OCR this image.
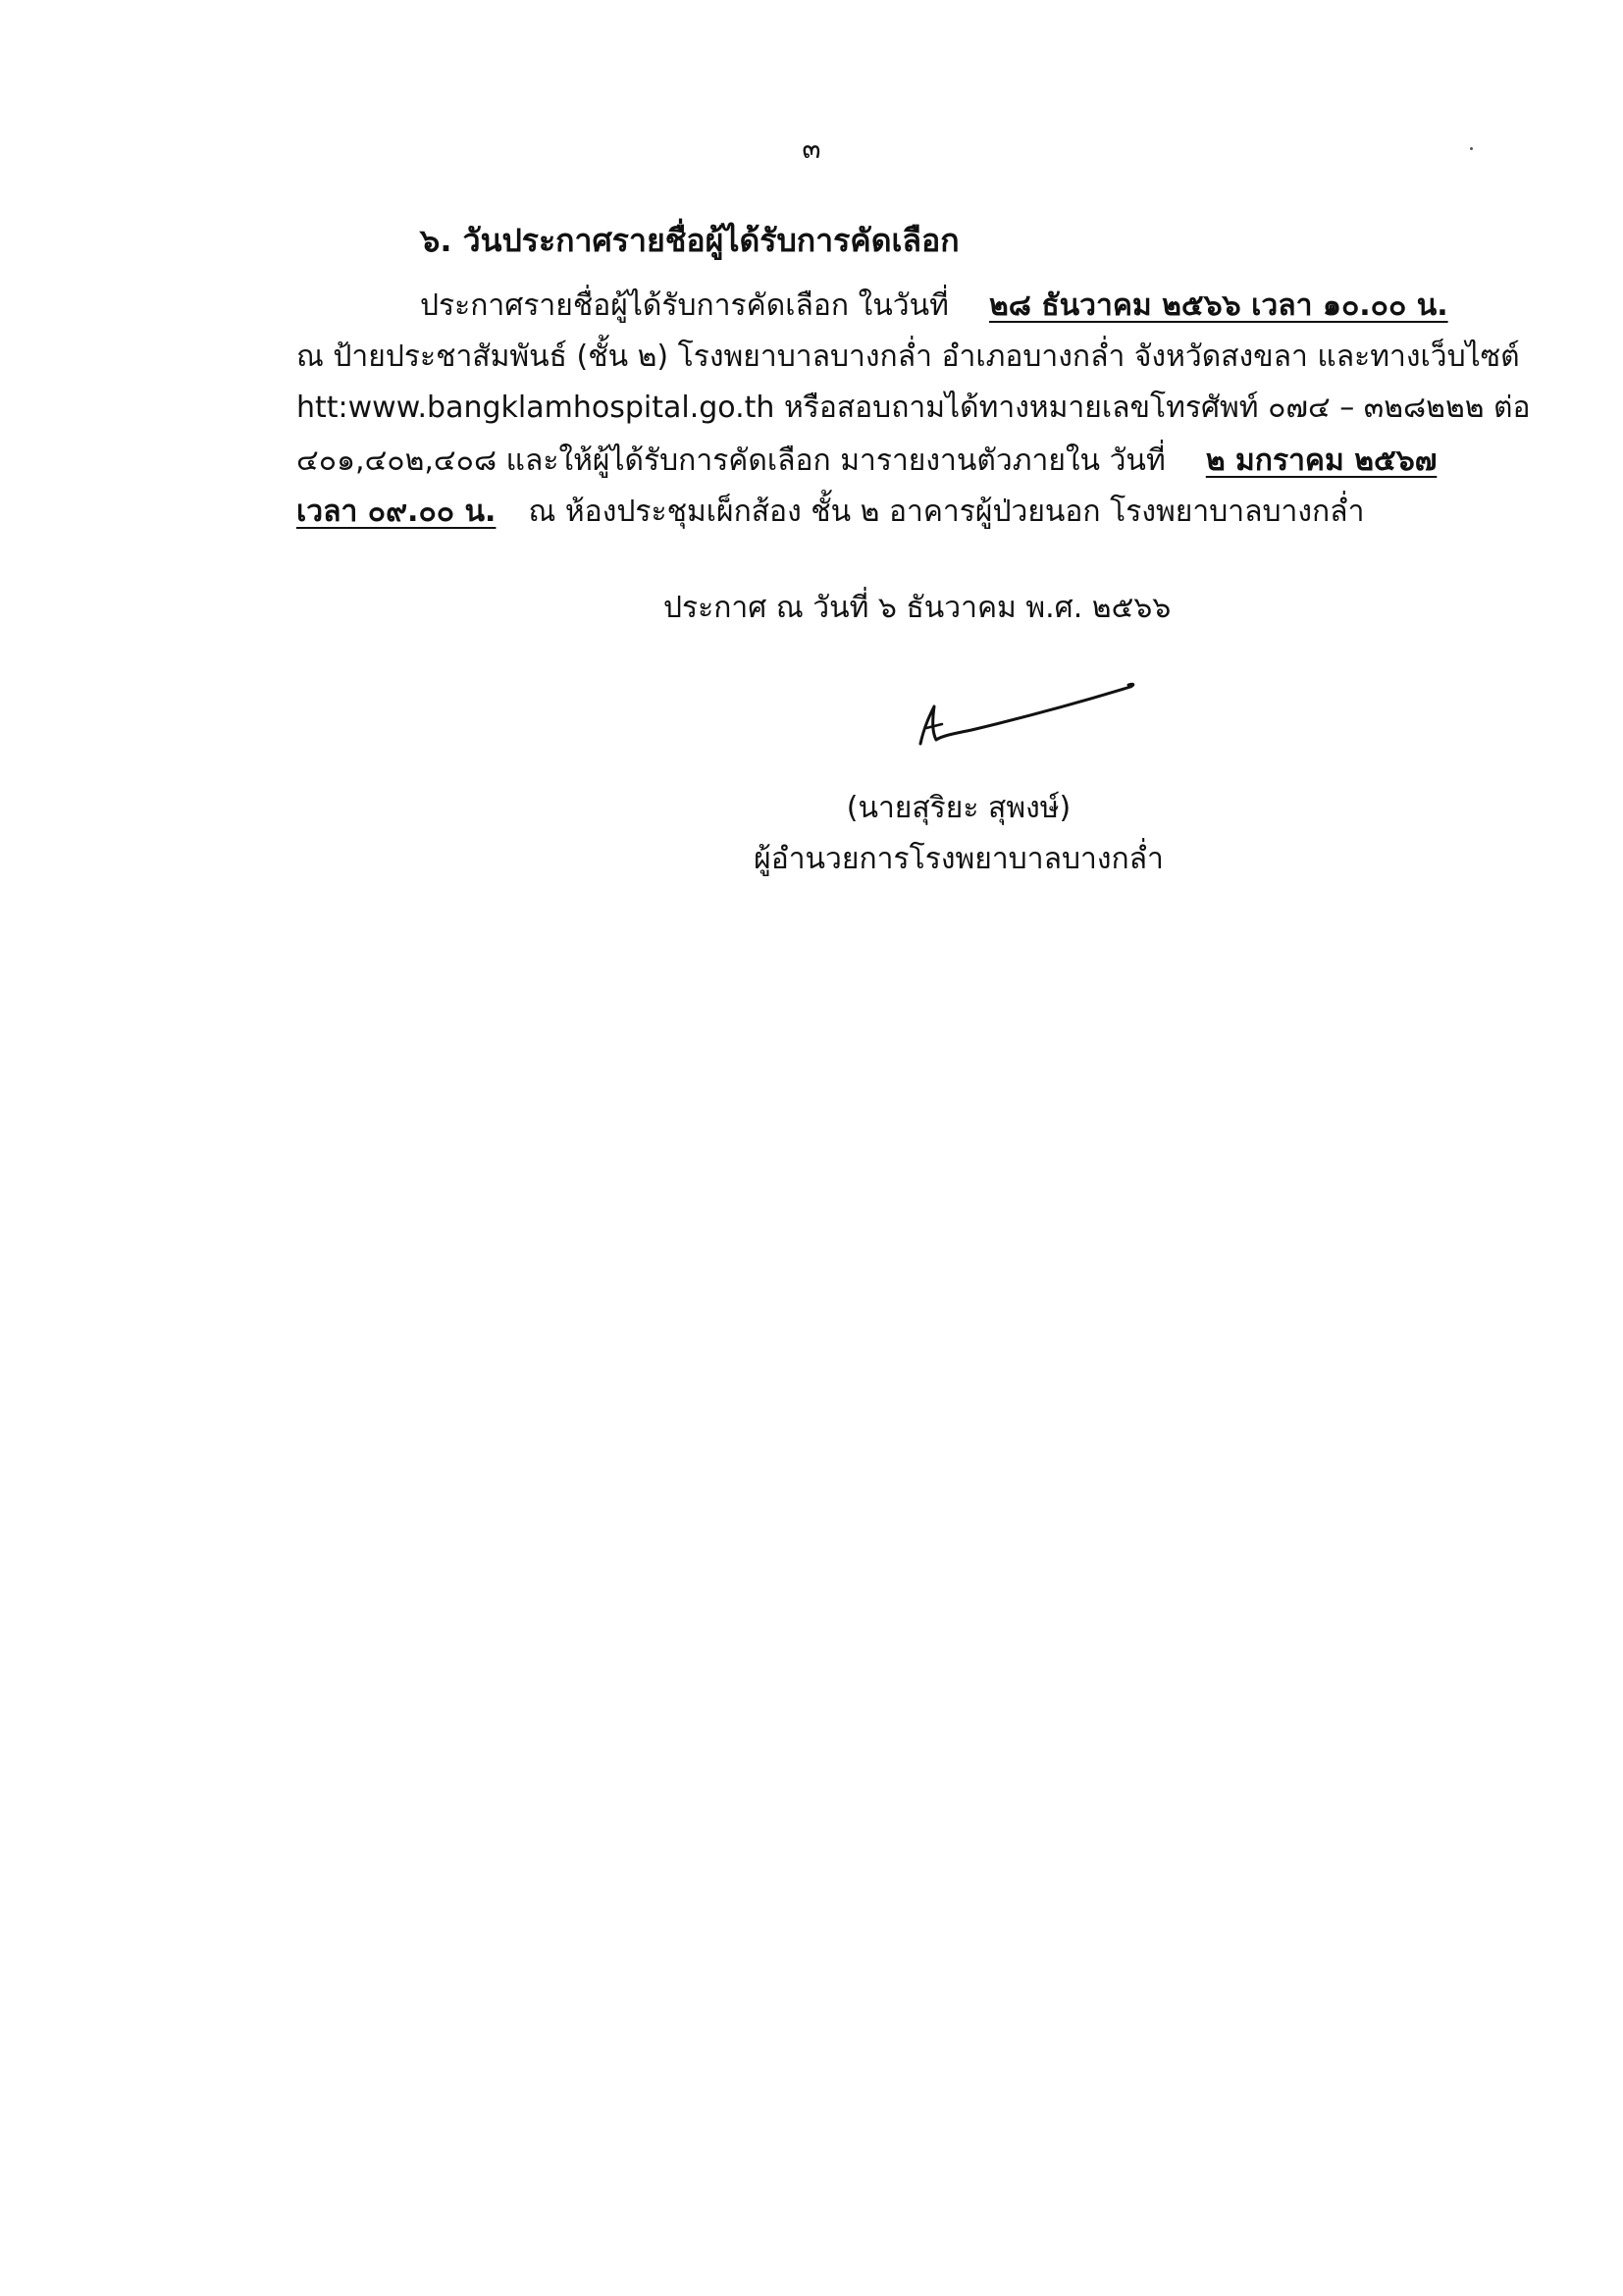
๓
๖. วันประกาศรายชื่อผู้ได้รับการคัดเลือก
ประกาศรายชื่อผู้ได้รับการคัดเลือก ในวันที่ ๒๘ ธันวาคม ๒๕๖๖ เวลา ๑๐.๐๐ น.
ณ ป้ายประชาสัมพันธ์ (ชั้น ๒) โรงพยาบาลบางกล่ำ อำเภอบางกล่ำ จังหวัดสงขลา และทางเว็บไซต์
htt:www.bangklamhospital.go.th หรือสอบถามได้ทางหมายเลขโทรศัพท์ ๐๗๔ – ๓๒๘๒๒๒ ต่อ
๔๐๑,๔๐๒,๔๐๘ และให้ผู้ได้รับการคัดเลือก มารายงานตัวภายใน วันที่ ๒ มกราคม ๒๕๖๗
เวลา ๐๙.๐๐ น. ณ ห้องประชุมเผ็กส้อง ชั้น ๒ อาคารผู้ป่วยนอก โรงพยาบาลบางกล่ำ
ประกาศ ณ วันที่ ๖ ธันวาคม พ.ศ. ๒๕๖๖
(นายสุริยะ สุพงษ์)
ผู้อำนวยการโรงพยาบาลบางกล่ำ
